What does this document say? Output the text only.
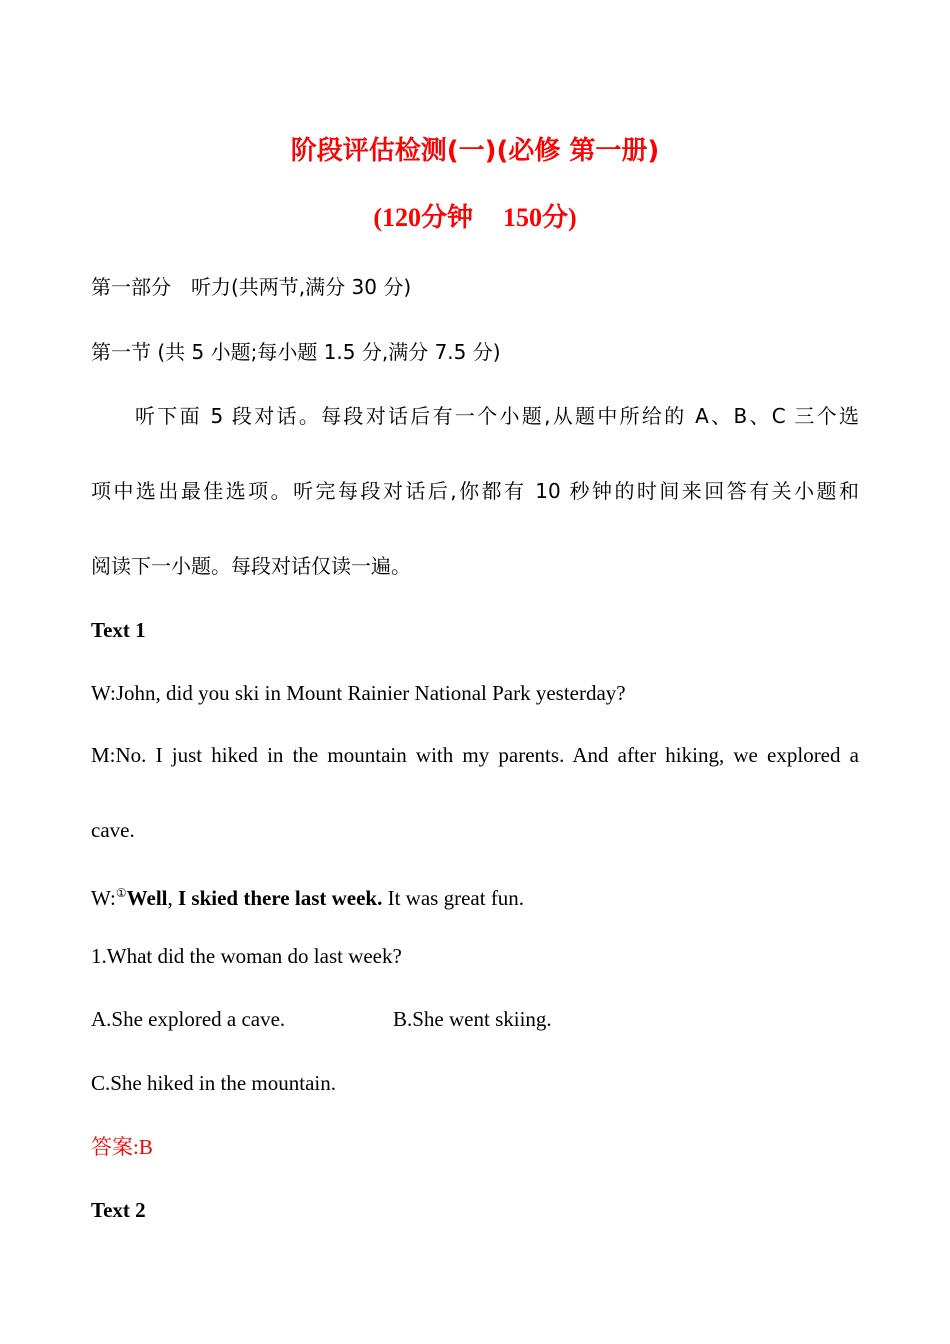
阶段评估检测(一)(必修 第一册)
(120分钟 150分)
第一部分　听力(共两节,满分 30 分)
第一节 (共 5 小题;每小题 1.5 分,满分 7.5 分)
听下面 5 段对话。每段对话后有一个小题,从题中所给的 A、B、C 三个选
项中选出最佳选项。听完每段对话后,你都有 10 秒钟的时间来回答有关小题和
阅读下一小题。每段对话仅读一遍。
Text 1
W:John, did you ski in Mount Rainier National Park yesterday?
M:No. I just hiked in the mountain with my parents. And after hiking, we explored a
cave.
W:①Well, I skied there last week. It was great fun.
1.What did the woman do last week?
A.She explored a cave.	B.She went skiing.
C.She hiked in the mountain.
答案:B
Text 2
